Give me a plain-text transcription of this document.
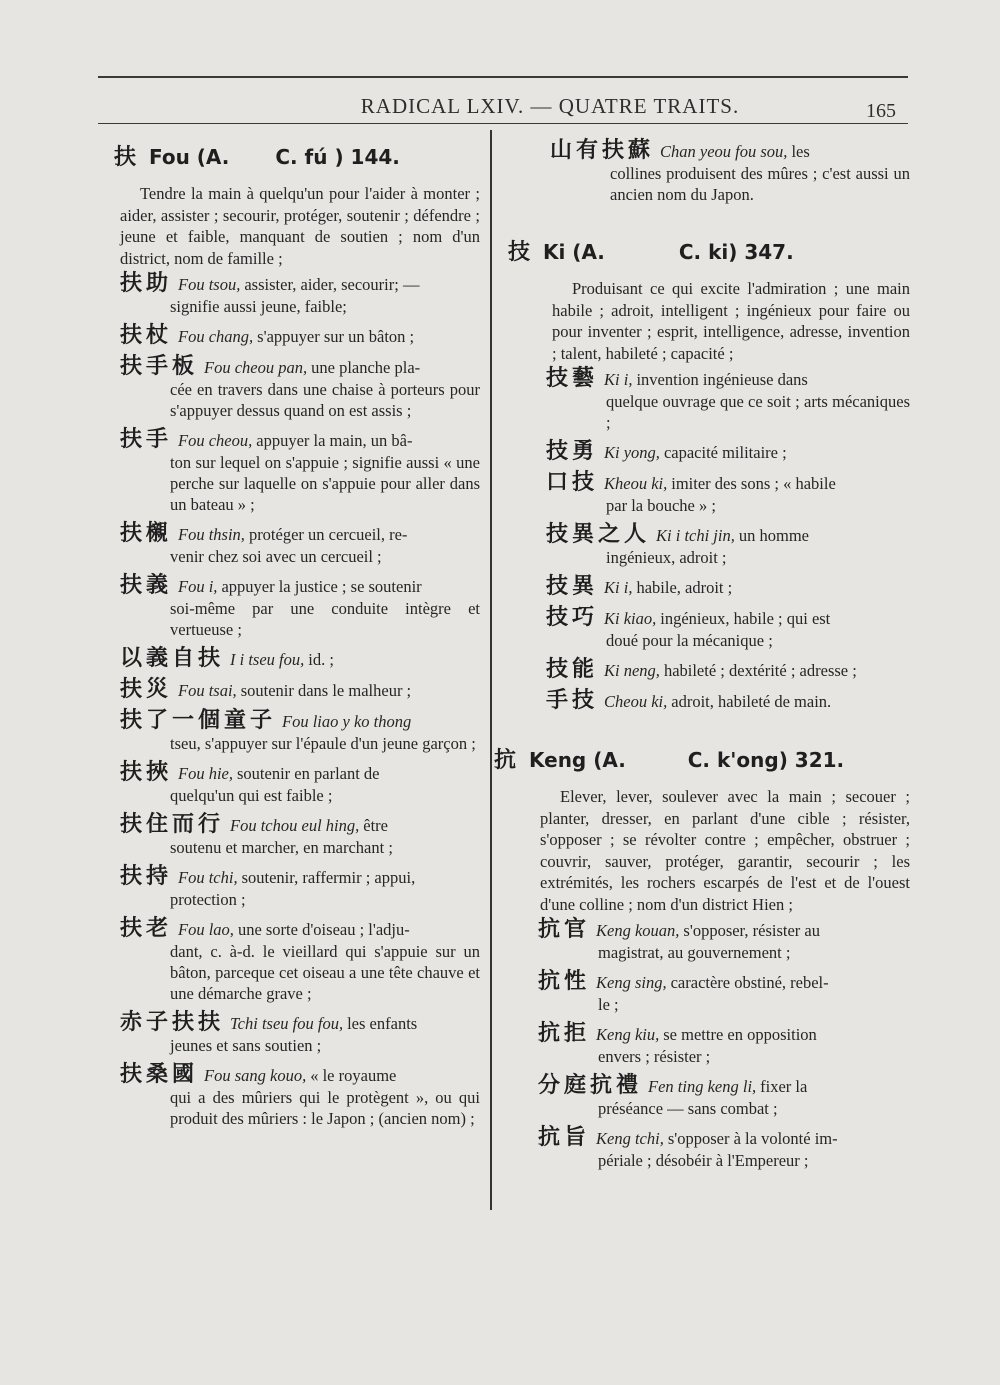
RADICAL LXIV. — QUATRE TRAITS.	165
扶 Fou (A. C. fú ) 144.

Tendre la main à quelqu'un pour l'aider à monter ; aider, assister ; secourir, protéger, soutenir ; défendre ; jeune et faible, manquant de soutien ; nom d'un district, nom de famille ;

扶助 Fou tsou, assister, aider, secourir; —
signifie aussi jeune, faible;
扶杖 Fou chang, s'appuyer sur un bâton ;
扶手板 Fou cheou pan, une planche pla-
cée en travers dans une chaise à porteurs pour s'appuyer dessus quand on est assis ;
扶手 Fou cheou, appuyer la main, un bâ-
ton sur lequel on s'appuie ; signifie aussi « une perche sur laquelle on s'appuie pour aller dans un bateau » ;
扶櫬 Fou thsin, protéger un cercueil, re-
venir chez soi avec un cercueil ;
扶義 Fou i, appuyer la justice ; se soutenir
soi-même par une conduite intègre et vertueuse ;
以義自扶 I i tseu fou, id. ;
扶災 Fou tsai, soutenir dans le malheur ;
扶了一個童子 Fou liao y ko thong
tseu, s'appuyer sur l'épaule d'un jeune garçon ;
扶挾 Fou hie, soutenir en parlant de
quelqu'un qui est faible ;
扶住而行 Fou tchou eul hing, être
soutenu et marcher, en marchant ;
扶持 Fou tchi, soutenir, raffermir ; appui,
protection ;
扶老 Fou lao, une sorte d'oiseau ; l'adju-
dant, c. à-d. le vieillard qui s'appuie sur un bâton, parceque cet oiseau a une tête chauve et une démarche grave ;
赤子扶扶 Tchi tseu fou fou, les enfants
jeunes et sans soutien ;
扶桑國 Fou sang kouo, « le royaume
qui a des mûriers qui le protègent », ou qui produit des mûriers : le Japon ; (ancien nom) ;
山有扶蘇 Chan yeou fou sou, les
collines produisent des mûres ; c'est aussi un ancien nom du Japon.
技 Ki (A.	C. ki) 347.

Produisant ce qui excite l'admiration ; une main habile ; adroit, intelligent ; ingénieux pour faire ou pour inventer ; esprit, intelligence, adresse, invention ; talent, habileté ; capacité ;

技藝 Ki i, invention ingénieuse dans
quelque ouvrage que ce soit ; arts mécaniques ;
技勇 Ki yong, capacité militaire ;
口技 Kheou ki, imiter des sons ; « habile
par la bouche » ;
技異之人 Ki i tchi jin, un homme
ingénieux, adroit ;
技異 Ki i, habile, adroit ;
技巧 Ki kiao, ingénieux, habile ; qui est
doué pour la mécanique ;
技能 Ki neng, habileté ; dextérité ; adresse ;
手技 Cheou ki, adroit, habileté de main.
抗 Keng (A.	C. k'ong) 321.

Elever, lever, soulever avec la main ; secouer ; planter, dresser, en parlant d'une cible ; résister, s'opposer ; se révolter contre ; empêcher, obstruer ; couvrir, sauver, protéger, garantir, secourir ; les extrémités, les rochers escarpés de l'est et de l'ouest d'une colline ; nom d'un district Hien ;

抗官 Keng kouan, s'opposer, résister au
magistrat, au gouvernement ;
抗性 Keng sing, caractère obstiné, rebel-
le ;
抗拒 Keng kiu, se mettre en opposition
envers ; résister ;
分庭抗禮 Fen ting keng li, fixer la
préséance — sans combat ;
抗旨 Keng tchi, s'opposer à la volonté im-
périale ; désobéir à l'Empereur ;
